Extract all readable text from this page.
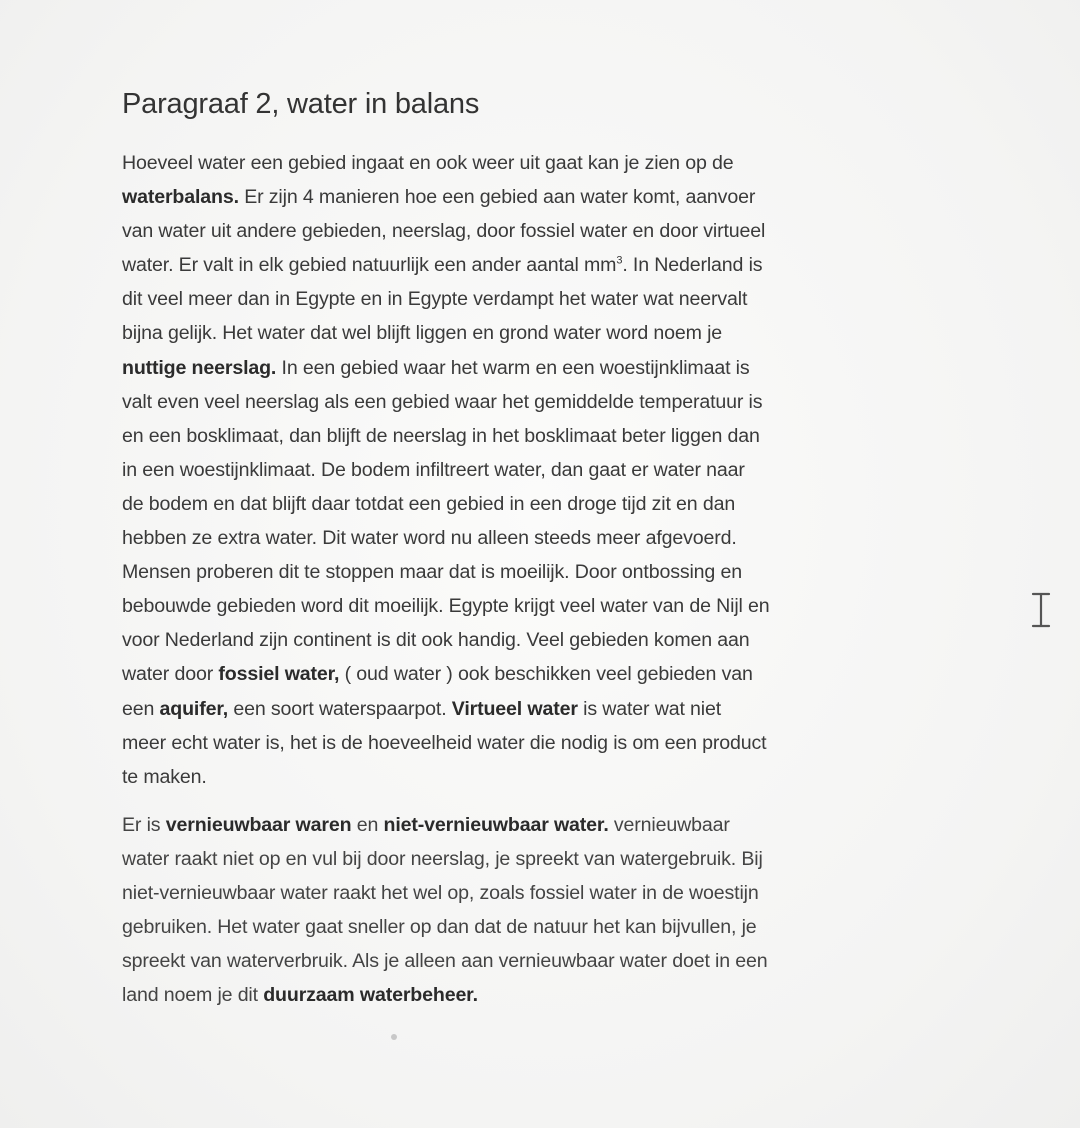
Paragraaf 2, water in balans

Hoeveel water een gebied ingaat en ook weer uit gaat kan je zien op de
waterbalans. Er zijn 4 manieren hoe een gebied aan water komt, aanvoer
van water uit andere gebieden, neerslag, door fossiel water en door virtueel
water. Er valt in elk gebied natuurlijk een ander aantal $mm^3$. In Nederland is
dit veel meer dan in Egypte en in Egypte verdampt het water wat neervalt
bijna gelijk. Het water dat wel blijft liggen en grond water word noem je
nuttige neerslag. In een gebied waar het warm en een woestijnklimaat is
valt even veel neerslag als een gebied waar het gemiddelde temperatuur is
en een bosklimaat, dan blijft de neerslag in het bosklimaat beter liggen dan
in een woestijnklimaat. De bodem infiltreert water, dan gaat er water naar
de bodem en dat blijft daar totdat een gebied in een droge tijd zit en dan
hebben ze extra water. Dit water word nu alleen steeds meer afgevoerd.
Mensen proberen dit te stoppen maar dat is moeilijk. Door ontbossing en
bebouwde gebieden word dit moeilijk. Egypte krijgt veel water van de Nijl en
voor Nederland zijn continent is dit ook handig. Veel gebieden komen aan
water door fossiel water, ( oud water ) ook beschikken veel gebieden van
een aquifer, een soort waterspaarpot. Virtueel water is water wat niet
meer echt water is, het is de hoeveelheid water die nodig is om een product
te maken.

Er is vernieuwbaar waren en niet-vernieuwbaar water. vernieuwbaar
water raakt niet op en vul bij door neerslag, je spreekt van watergebruik. Bij
niet-vernieuwbaar water raakt het wel op, zoals fossiel water in de woestijn
gebruiken. Het water gaat sneller op dan dat de natuur het kan bijvullen, je
spreekt van waterverbruik. Als je alleen aan vernieuwbaar water doet in een
land noem je dit duurzaam waterbeheer.
